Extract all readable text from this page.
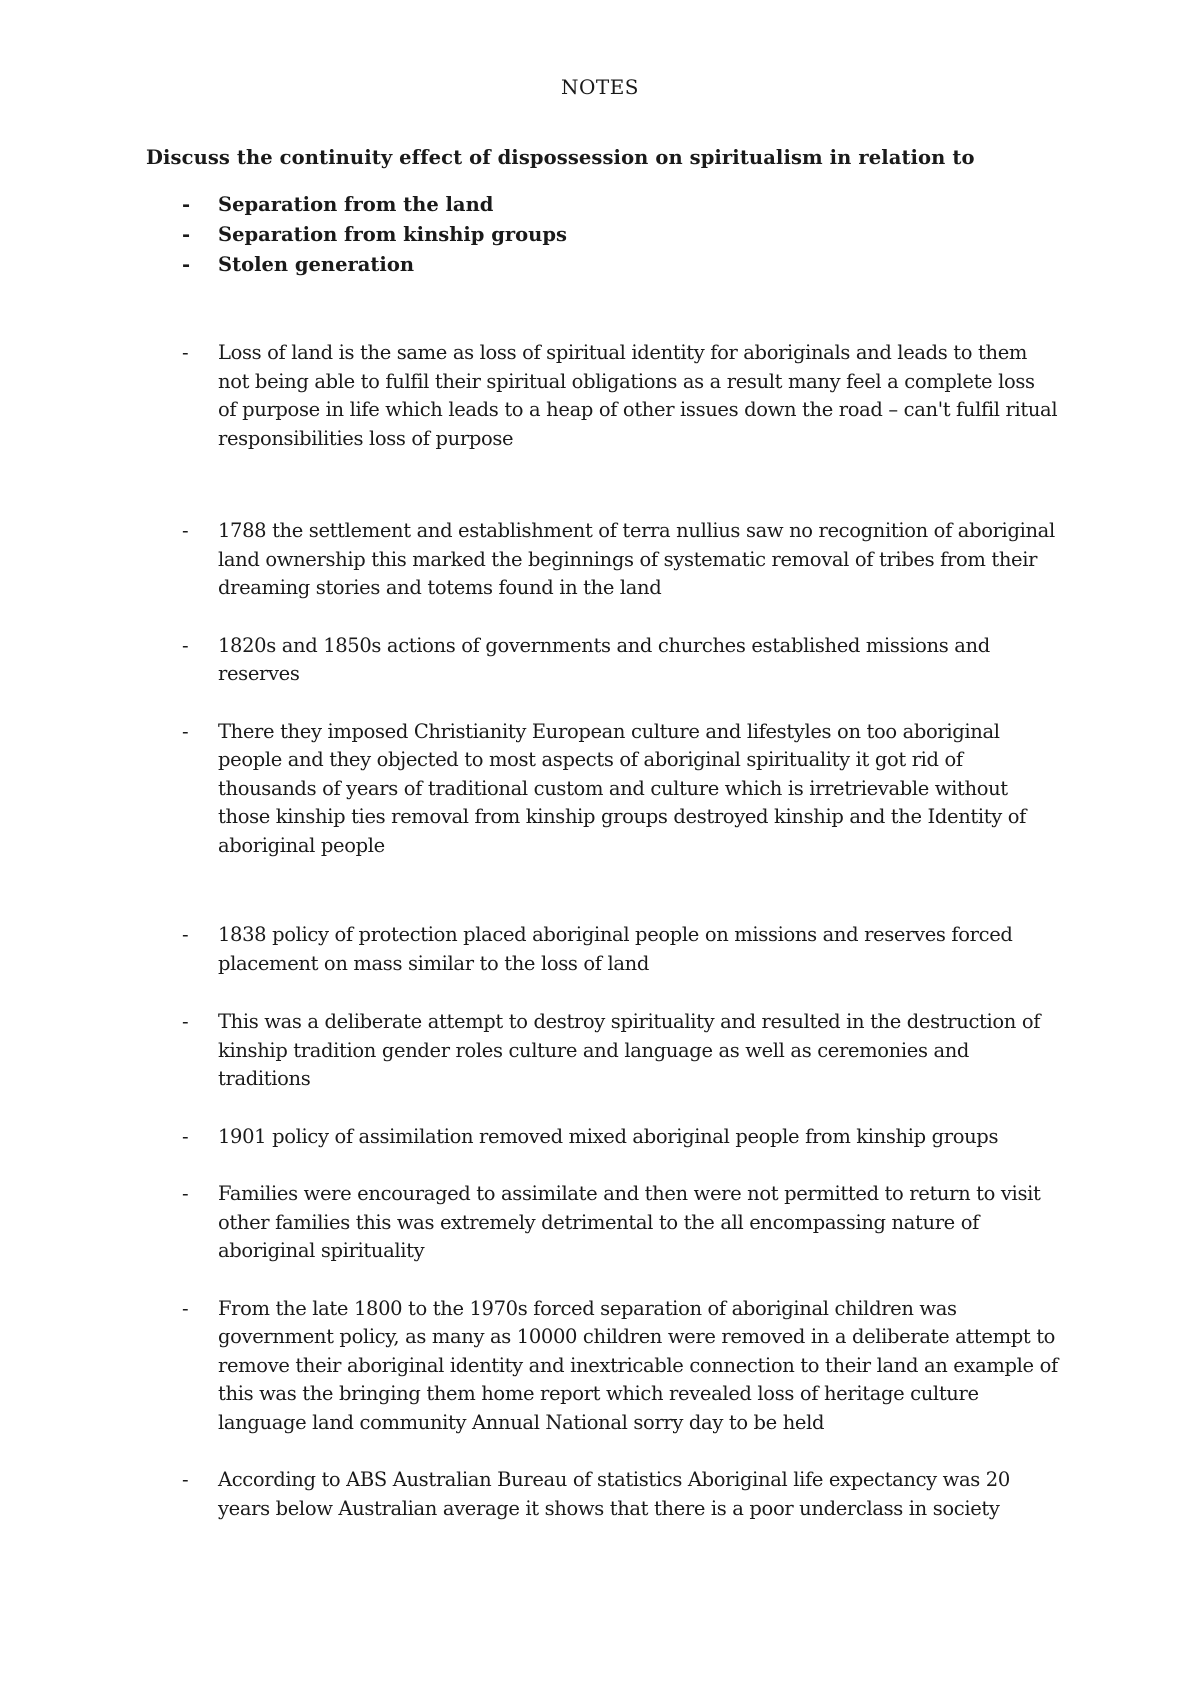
NOTES
Discuss the continuity effect of dispossession on spiritualism in relation to
- Separation from the land
- Separation from kinship groups
- Stolen generation
- Loss of land is the same as loss of spiritual identity for aboriginals and leads to them not being able to fulfil their spiritual obligations as a result many feel a complete loss of purpose in life which leads to a heap of other issues down the road – can't fulfil ritual responsibilities loss of purpose
- 1788 the settlement and establishment of terra nullius saw no recognition of aboriginal land ownership this marked the beginnings of systematic removal of tribes from their dreaming stories and totems found in the land
- 1820s and 1850s actions of governments and churches established missions and reserves
- There they imposed Christianity European culture and lifestyles on too aboriginal people and they objected to most aspects of aboriginal spirituality it got rid of thousands of years of traditional custom and culture which is irretrievable without those kinship ties removal from kinship groups destroyed kinship and the Identity of aboriginal people
- 1838 policy of protection placed aboriginal people on missions and reserves forced placement on mass similar to the loss of land
- This was a deliberate attempt to destroy spirituality and resulted in the destruction of kinship tradition gender roles culture and language as well as ceremonies and traditions
- 1901 policy of assimilation removed mixed aboriginal people from kinship groups
- Families were encouraged to assimilate and then were not permitted to return to visit other families this was extremely detrimental to the all encompassing nature of aboriginal spirituality
- From the late 1800 to the 1970s forced separation of aboriginal children was government policy, as many as 10000 children were removed in a deliberate attempt to remove their aboriginal identity and inextricable connection to their land an example of this was the bringing them home report which revealed loss of heritage culture language land community Annual National sorry day to be held
- According to ABS Australian Bureau of statistics Aboriginal life expectancy was 20 years below Australian average it shows that there is a poor underclass in society
